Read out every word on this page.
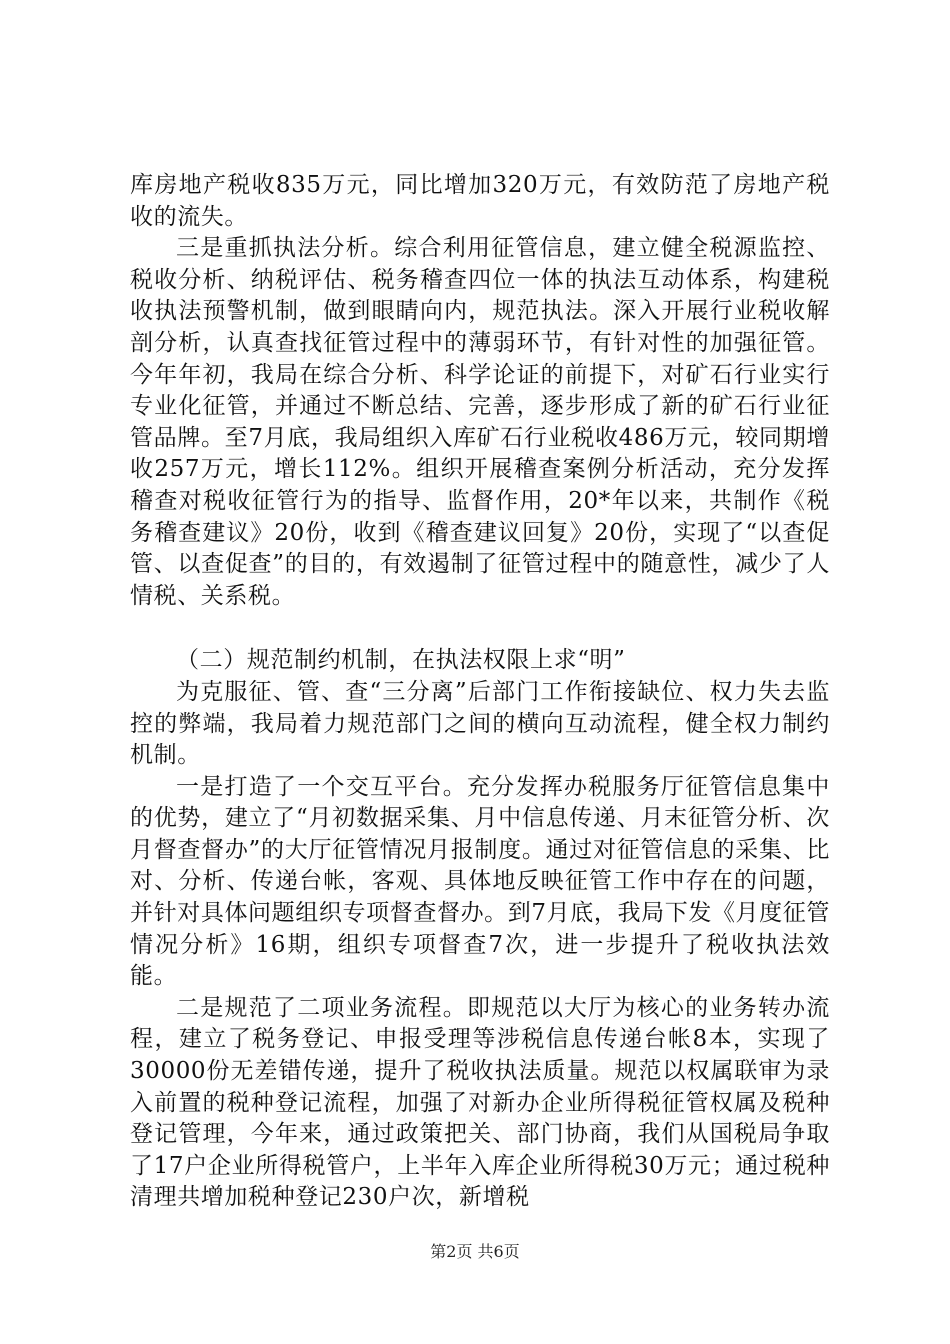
库房地产税收835万元，同比增加320万元，有效防范了房地产税收的流失。

三是重抓执法分析。综合利用征管信息，建立健全税源监控、税收分析、纳税评估、税务稽查四位一体的执法互动体系，构建税收执法预警机制，做到眼睛向内，规范执法。深入开展行业税收解剖分析，认真查找征管过程中的薄弱环节，有针对性的加强征管。今年年初，我局在综合分析、科学论证的前提下，对矿石行业实行专业化征管，并通过不断总结、完善，逐步形成了新的矿石行业征管品牌。至7月底，我局组织入库矿石行业税收486万元，较同期增收257万元，增长112%。组织开展稽查案例分析活动，充分发挥稽查对税收征管行为的指导、监督作用，20*年以来，共制作《税务稽查建议》20份，收到《稽查建议回复》20份，实现了“以查促管、以查促查”的目的，有效遏制了征管过程中的随意性，减少了人情税、关系税。

（二）规范制约机制，在执法权限上求“明”

为克服征、管、查“三分离”后部门工作衔接缺位、权力失去监控的弊端，我局着力规范部门之间的横向互动流程，健全权力制约机制。

一是打造了一个交互平台。充分发挥办税服务厅征管信息集中的优势，建立了“月初数据采集、月中信息传递、月末征管分析、次月督查督办”的大厅征管情况月报制度。通过对征管信息的采集、比对、分析、传递台帐，客观、具体地反映征管工作中存在的问题，并针对具体问题组织专项督查督办。到7月底，我局下发《月度征管情况分析》16期，组织专项督查7次，进一步提升了税收执法效能。

二是规范了二项业务流程。即规范以大厅为核心的业务转办流程，建立了税务登记、申报受理等涉税信息传递台帐8本，实现了30000份无差错传递，提升了税收执法质量。规范以权属联审为录入前置的税种登记流程，加强了对新办企业所得税征管权属及税种登记管理，今年来，通过政策把关、部门协商，我们从国税局争取了17户企业所得税管户，上半年入库企业所得税30万元；通过税种清理共增加税种登记230户次，新增税

第2页 共6页
